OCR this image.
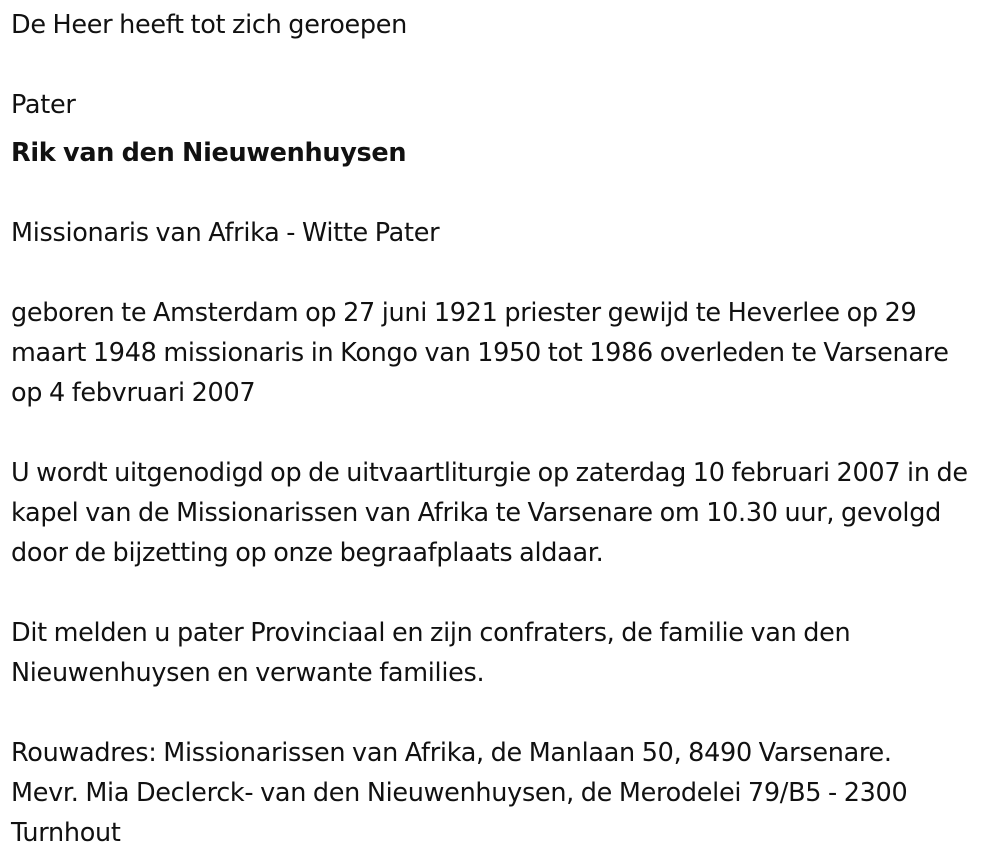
De Heer heeft tot zich geroepen

Pater

Rik van den Nieuwenhuysen

Missionaris van Afrika - Witte Pater

geboren te Amsterdam op 27 juni 1921 priester gewijd te Heverlee op 29 maart 1948 missionaris in Kongo van 1950 tot 1986 overleden te Varsenare op 4 febvruari 2007

U wordt uitgenodigd op de uitvaartliturgie op zaterdag 10 februari 2007 in de kapel van de Missionarissen van Afrika te Varsenare om 10.30 uur, gevolgd door de bijzetting op onze begraafplaats aldaar.

Dit melden u pater Provinciaal en zijn confraters, de familie van den Nieuwenhuysen en verwante families.

Rouwadres: Missionarissen van Afrika, de Manlaan 50, 8490 Varsenare.
Mevr. Mia Declerck- van den Nieuwenhuysen, de Merodelei 79/B5 - 2300 Turnhout
